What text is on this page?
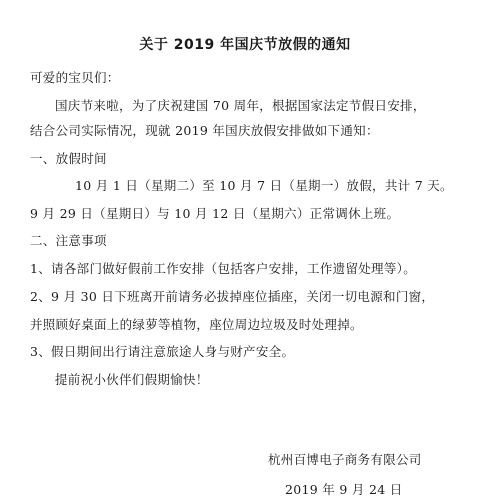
关于 2019 年国庆节放假的通知
可爱的宝贝们：
国庆节来啦，为了庆祝建国 70 周年，根据国家法定节假日安排，
结合公司实际情况，现就 2019 年国庆放假安排做如下通知：
一、放假时间
10 月 1 日（星期二）至 10 月 7 日（星期一）放假，共计 7 天。
9 月 29 日（星期日）与 10 月 12 日（星期六）正常调休上班。
二、注意事项
1、请各部门做好假前工作安排（包括客户安排，工作遗留处理等）。
2、9 月 30 日下班离开前请务必拔掉座位插座，关闭一切电源和门窗，
并照顾好桌面上的绿萝等植物，座位周边垃圾及时处理掉。
3、假日期间出行请注意旅途人身与财产安全。
提前祝小伙伴们假期愉快！
杭州百博电子商务有限公司
2019 年 9 月 24 日
